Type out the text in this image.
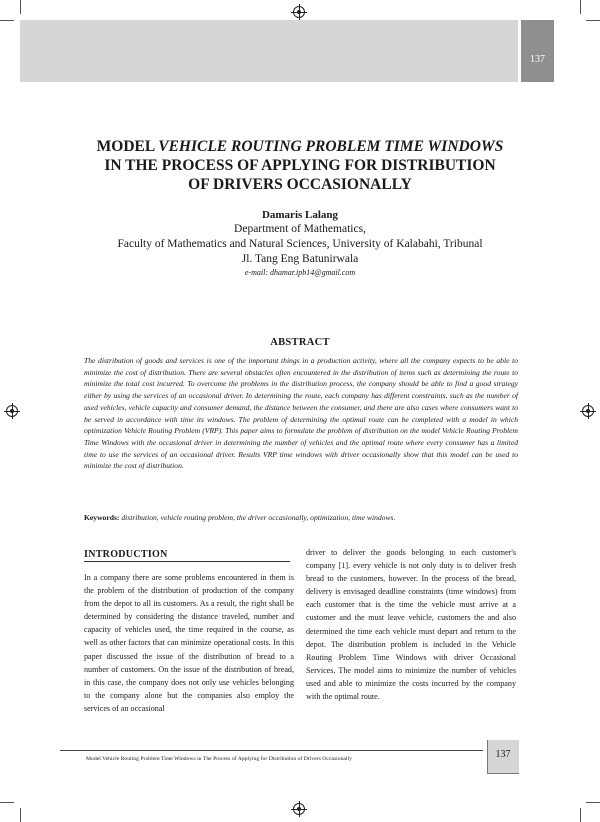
137
MODEL VEHICLE ROUTING PROBLEM TIME WINDOWS
IN THE PROCESS OF APPLYING FOR DISTRIBUTION
OF DRIVERS OCCASIONALLY
Damaris Lalang
Department of Mathematics,
Faculty of Mathematics and Natural Sciences, University of Kalabahi, Tribunal
Jl. Tang Eng Batunirwala
e-mail: dhamar.ipb14@gmail.com
ABSTRACT
The distribution of goods and services is one of the important things in a production activity, where all the company expects to be able to minimize the cost of distribution. There are several obstacles often encountered in the distribution of items such as determining the route to minimize the total cost incurred. To overcome the problems in the distribution process, the company should be able to find a good strategy either by using the services of an occasional driver. In determining the route, each company has different constraints, such as the number of used vehicles, vehicle capacity and consumer demand, the distance between the consumer, and there are also cases where consumers want to be served in accordance with time its windows. The problem of determining the optimal route can be completed with a model in which optimization Vehicle Routing Problem (VRP). This paper aims to formulate the problem of distribution on the model Vehicle Routing Problem Time Windows with the occasional driver in determining the number of vehicles and the optimal route where every consumer has a limited time to use the services of an occasional driver. Results VRP time windows with driver occasionally show that this model can be used to minimize the cost of distribution.
Keywords: distribution, vehicle routing problem, the driver occasionally, optimization, time windows.
INTRODUCTION
In a company there are some problems encountered in them is the problem of the distribution of production of the company from the depot to all its customers. As a result, the right shall be determined by considering the distance traveled, number and capacity of vehicles used, the time required in the course, as well as other factors that can minimize operational costs. In this paper discussed the issue of the distribution of bread to a number of customers. On the issue of the distribution of bread, in this case, the company does not only use vehicles belonging to the company alone but the companies also employ the services of an occasional
driver to deliver the goods belonging to each customer's company [1]. every vehicle is not only duty is to deliver fresh bread to the customers, however. In the process of the bread, delivery is envisaged deadline constraints (time windows) from each customer that is the time the vehicle must arrive at a customer and the must leave vehicle, customers the and also determined the time each vehicle must depart and return to the depot. The distribution problem is included in the Vehicle Routing Problem Time Windows with driver Occasional Services. The model aims to minimize the number of vehicles used and able to minimize the costs incurred by the company with the optimal route.
Model Vehicle Routing Problem Time Windows in The Process of Applying for Distribution of Drivers Occasionally	137
